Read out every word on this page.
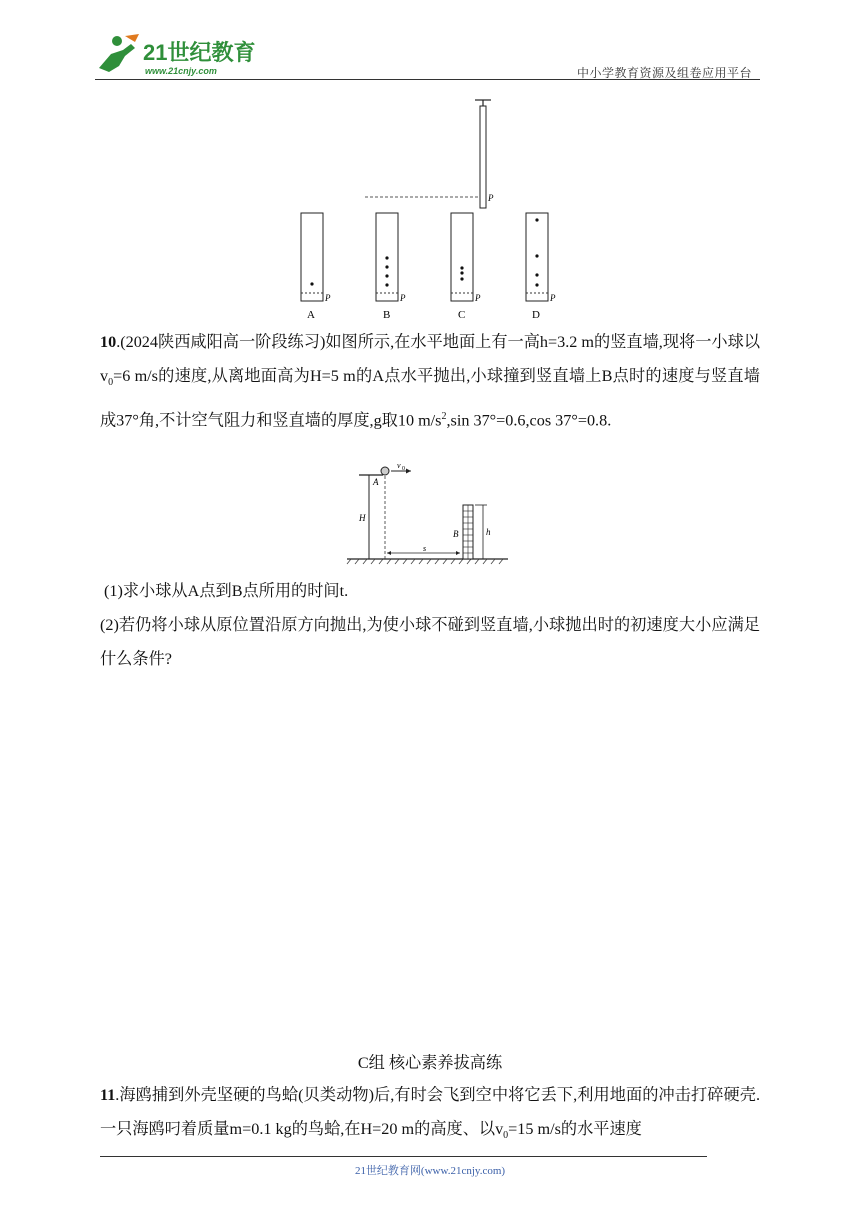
21世纪教育
www.21cnjy.com	中小学教育资源及组卷应用平台
P
P
A
P
B
P
C
P
D
10.(2024陕西咸阳高一阶段练习)如图所示,在水平地面上有一高h=3.2 m的竖直墙,现将一小球以$v_0=6$ m/s的速度,从离地面高为H=5 m的A点水平抛出,小球撞到竖直墙上B点时的速度与竖直墙成37°角,不计空气阻力和竖直墙的厚度,g取10 $m/s^2,\sin$ 37°=0.6,cos 37°=0.8.
v 0
A
H
s
B	h
(1)求小球从A点到B点所用的时间t.
(2)若仍将小球从原位置沿原方向抛出,为使小球不碰到竖直墙,小球抛出时的初速度大小应满足什么条件?
C组 核心素养拔高练
11.海鸥捕到外壳坚硬的鸟蛤(贝类动物)后,有时会飞到空中将它丢下,利用地面的冲击打碎硬壳.一只海鸥叼着质量m=0.1 kg的鸟蛤,在H=20 m的高度、以$v_0=15$ m/s的水平速度
21世纪教育网(www.21cnjy.com)
